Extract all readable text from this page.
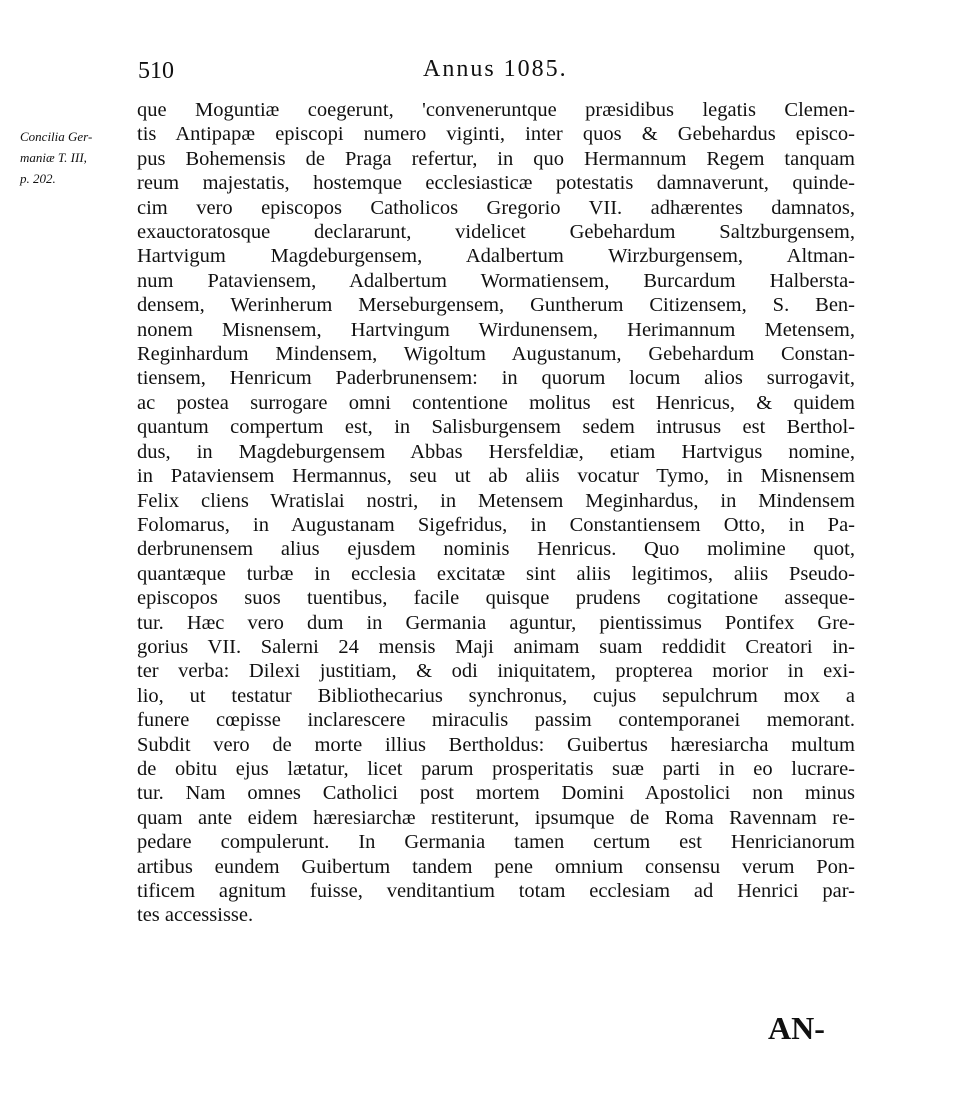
510	Annus 1085.
Concilia Ger-
maniæ T. III,
p. 202.
que Moguntiæ coegerunt, 'conveneruntque præsidibus legatis Clemen-
tis Antipapæ episcopi numero viginti, inter quos & Gebehardus episco-
pus Bohemensis de Praga refertur, in quo Hermannum Regem tanquam
reum majestatis, hostemque ecclesiasticæ potestatis damnaverunt, quinde-
cim vero episcopos Catholicos Gregorio VII. adhærentes damnatos,
exauctoratosque declararunt, videlicet Gebehardum Saltzburgensem,
Hartvigum Magdeburgensem, Adalbertum Wirzburgensem, Altman-
num Pataviensem, Adalbertum Wormatiensem, Burcardum Halbersta-
densem, Werinherum Merseburgensem, Guntherum Citizensem, S. Ben-
nonem Misnensem, Hartvingum Wirdunensem, Herimannum Metensem,
Reginhardum Mindensem, Wigoltum Augustanum, Gebehardum Constan-
tiensem, Henricum Paderbrunensem: in quorum locum alios surrogavit,
ac postea surrogare omni contentione molitus est Henricus, & quidem
quantum compertum est, in Salisburgensem sedem intrusus est Berthol-
dus, in Magdeburgensem Abbas Hersfeldiæ, etiam Hartvigus nomine,
in Pataviensem Hermannus, seu ut ab aliis vocatur Tymo, in Misnensem
Felix cliens Wratislai nostri, in Metensem Meginhardus, in Mindensem
Folomarus, in Augustanam Sigefridus, in Constantiensem Otto, in Pa-
derbrunensem alius ejusdem nominis Henricus. Quo molimine quot,
quantæque turbæ in ecclesia excitatæ sint aliis legitimos, aliis Pseudo-
episcopos suos tuentibus, facile quisque prudens cogitatione asseque-
tur. Hæc vero dum in Germania aguntur, pientissimus Pontifex Gre-
gorius VII. Salerni 24 mensis Maji animam suam reddidit Creatori in-
ter verba: Dilexi justitiam, & odi iniquitatem, propterea morior in exi-
lio, ut testatur Bibliothecarius synchronus, cujus sepulchrum mox a
funere cœpisse inclarescere miraculis passim contemporanei memorant.
Subdit vero de morte illius Bertholdus: Guibertus hæresiarcha multum
de obitu ejus lætatur, licet parum prosperitatis suæ parti in eo lucrare-
tur. Nam omnes Catholici post mortem Domini Apostolici non minus
quam ante eidem hæresiarchæ restiterunt, ipsumque de Roma Ravennam re-
pedare compulerunt. In Germania tamen certum est Henricianorum
artibus eundem Guibertum tandem pene omnium consensu verum Pon-
tificem agnitum fuisse, venditantium totam ecclesiam ad Henrici par-
tes accessisse.
AN-
